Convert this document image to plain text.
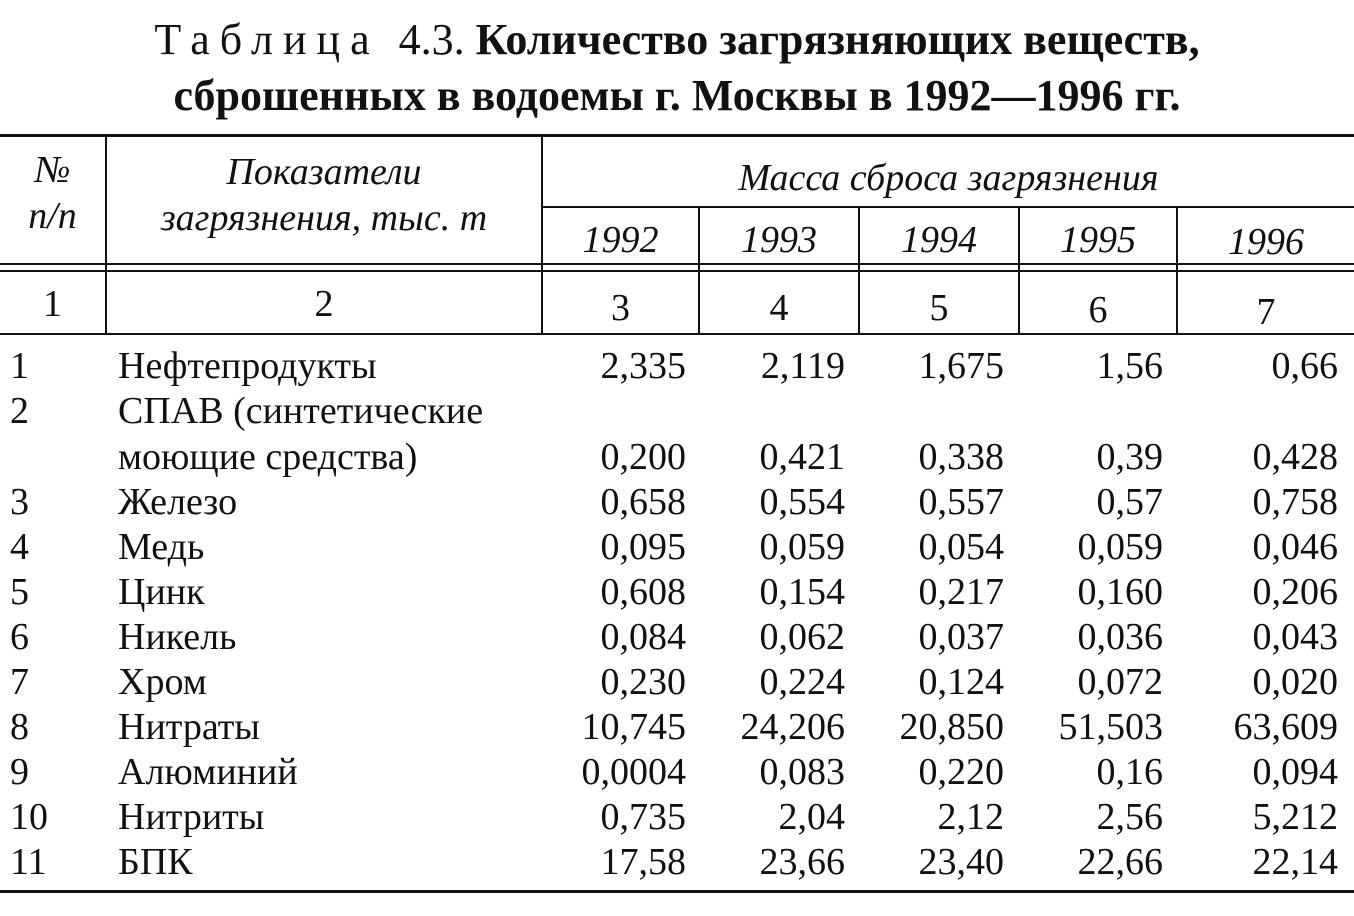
Таблица 4.3. Количество загрязняющих веществ,
сброшенных в водоемы г. Москвы в 1992—1996 гг.
№
п/п
Показатели
загрязнения, тыс. т
Масса сброса загрязнения
1992	1993	1994	1995	1996
1	2	3	4	5	6	7
1	Нефтепродукты	2,335	2,119	1,675	1,56	0,66
2	СПАВ (синтетические
моющие средства)	0,200	0,421	0,338	0,39	0,428
3	Железо	0,658	0,554	0,557	0,57	0,758
4	Медь	0,095	0,059	0,054	0,059	0,046
5	Цинк	0,608	0,154	0,217	0,160	0,206
6	Никель	0,084	0,062	0,037	0,036	0,043
7	Хром	0,230	0,224	0,124	0,072	0,020
8	Нитраты	10,745	24,206	20,850	51,503	63,609
9	Алюминий	0,0004	0,083	0,220	0,16	0,094
10	Нитриты	0,735	2,04	2,12	2,56	5,212
11	БПК	17,58	23,66	23,40	22,66	22,14
